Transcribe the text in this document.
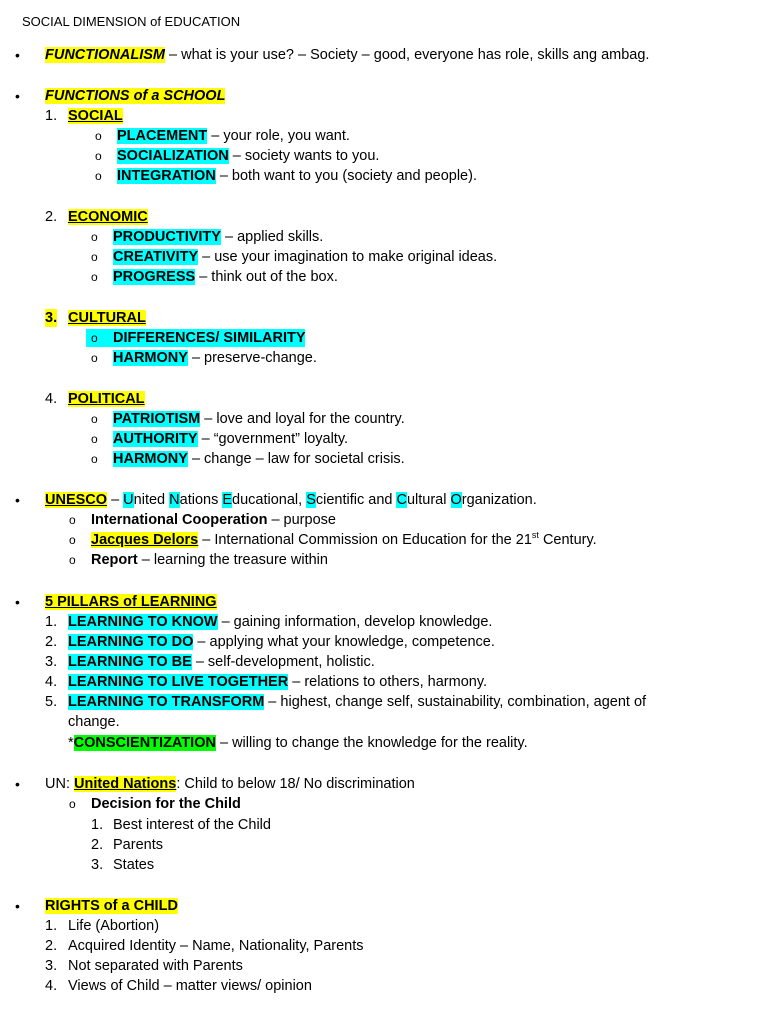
SOCIAL DIMENSION of EDUCATION
• FUNCTIONALISM – what is your use? – Society – good, everyone has role, skills ang ambag.
• FUNCTIONS of a SCHOOL
1. SOCIAL
o PLACEMENT – your role, you want.
o SOCIALIZATION – society wants to you.
o INTEGRATION – both want to you (society and people).
2. ECONOMIC
o PRODUCTIVITY – applied skills.
o CREATIVITY – use your imagination to make original ideas.
o PROGRESS – think out of the box.
3. CULTURAL
o DIFFERENCES/ SIMILARITY
o HARMONY – preserve-change.
4. POLITICAL
o PATRIOTISM – love and loyal for the country.
o AUTHORITY – “government” loyalty.
o HARMONY – change – law for societal crisis.
• UNESCO – United Nations Educational, Scientific and Cultural Organization.
o International Cooperation – purpose
o Jacques Delors – International Commission on Education for the 21st Century.
o Report – learning the treasure within
• 5 PILLARS of LEARNING
1. LEARNING TO KNOW – gaining information, develop knowledge.
2. LEARNING TO DO – applying what your knowledge, competence.
3. LEARNING TO BE – self-development, holistic.
4. LEARNING TO LIVE TOGETHER – relations to others, harmony.
5. LEARNING TO TRANSFORM – highest, change self, sustainability, combination, agent of
change.
*CONSCIENTIZATION – willing to change the knowledge for the reality.
• UN: United Nations: Child to below 18/ No discrimination
o Decision for the Child
1. Best interest of the Child
2. Parents
3. States
• RIGHTS of a CHILD
1. Life (Abortion)
2. Acquired Identity – Name, Nationality, Parents
3. Not separated with Parents
4. Views of Child – matter views/ opinion
